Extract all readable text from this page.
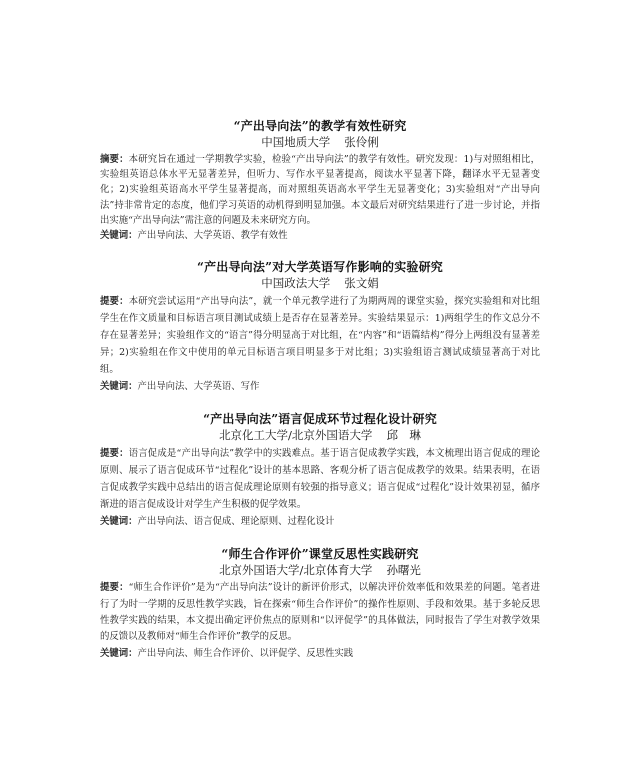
“产出导向法”的教学有效性研究
中国地质大学 张伶俐
摘要：本研究旨在通过一学期教学实验，检验“产出导向法”的教学有效性。研究发现：1)与对照组相比，实验组英语总体水平无显著差异，但听力、写作水平显著提高，阅读水平显著下降，翻译水平无显著变化；2)实验组英语高水平学生显著提高，而对照组英语高水平学生无显著变化；3)实验组对“产出导向法”持非常肯定的态度，他们学习英语的动机得到明显加强。本文最后对研究结果进行了进一步讨论，并指出实施“产出导向法”需注意的问题及未来研究方向。
关键词：产出导向法、大学英语、教学有效性
“产出导向法”对大学英语写作影响的实验研究
中国政法大学 张文娟
提要：本研究尝试运用“产出导向法”，就一个单元教学进行了为期两周的课堂实验，探究实验组和对比组学生在作文质量和目标语言项目测试成绩上是否存在显著差异。实验结果显示：1)两组学生的作文总分不存在显著差异；实验组作文的“语言”得分明显高于对比组，在“内容”和“语篇结构”得分上两组没有显著差异；2)实验组在作文中使用的单元目标语言项目明显多于对比组；3)实验组语言测试成绩显著高于对比组。
关键词：产出导向法、大学英语、写作
“产出导向法”语言促成环节过程化设计研究
北京化工大学/北京外国语大学 邱　琳
提要：语言促成是“产出导向法”教学中的实践难点。基于语言促成教学实践，本文梳理出语言促成的理论原则、展示了语言促成环节“过程化”设计的基本思路、客观分析了语言促成教学的效果。结果表明，在语言促成教学实践中总结出的语言促成理论原则有较强的指导意义；语言促成“过程化”设计效果初显，循序渐进的语言促成设计对学生产生积极的促学效果。
关键词：产出导向法、语言促成、理论原则、过程化设计
“师生合作评价”课堂反思性实践研究
北京外国语大学/北京体育大学 孙曙光
提要：“师生合作评价”是为“产出导向法”设计的新评价形式，以解决评价效率低和效果差的问题。笔者进行了为时一学期的反思性教学实践，旨在探索“师生合作评价”的操作性原则、手段和效果。基于多轮反思性教学实践的结果，本文提出确定评价焦点的原则和“以评促学”的具体做法，同时报告了学生对教学效果的反馈以及教师对“师生合作评价”教学的反思。
关键词：产出导向法、师生合作评价、以评促学、反思性实践
